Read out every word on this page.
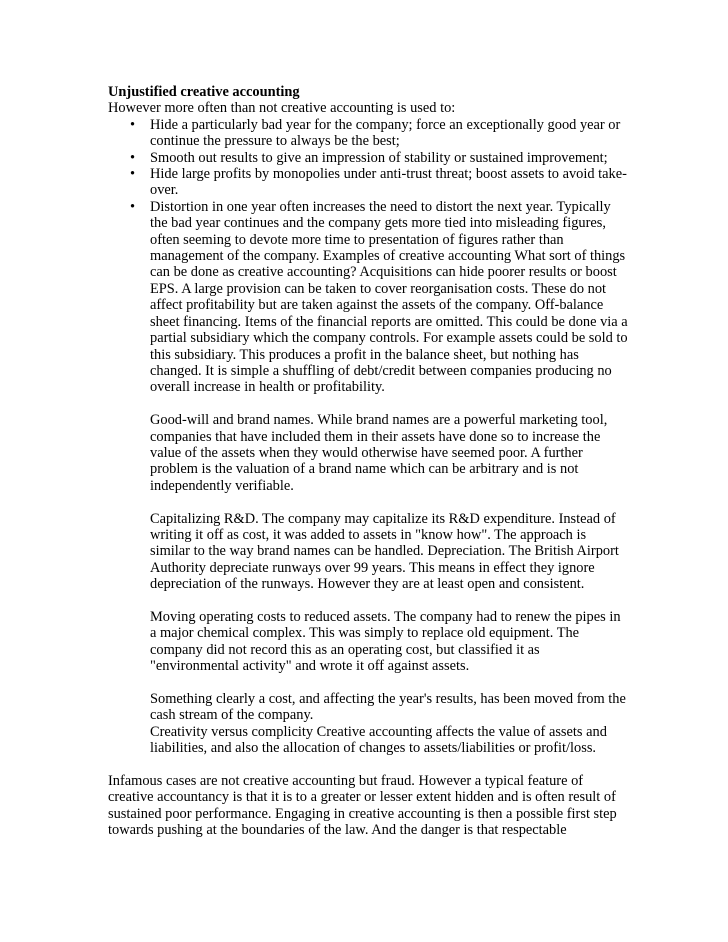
Unjustified creative accounting
However more often than not creative accounting is used to:
• Hide a particularly bad year for the company; force an exceptionally good year or continue the pressure to always be the best;
• Smooth out results to give an impression of stability or sustained improvement;
• Hide large profits by monopolies under anti-trust threat; boost assets to avoid take-over.
• Distortion in one year often increases the need to distort the next year. Typically the bad year continues and the company gets more tied into misleading figures, often seeming to devote more time to presentation of figures rather than management of the company. Examples of creative accounting What sort of things can be done as creative accounting? Acquisitions can hide poorer results or boost EPS. A large provision can be taken to cover reorganisation costs. These do not affect profitability but are taken against the assets of the company. Off-balance sheet financing. Items of the financial reports are omitted. This could be done via a partial subsidiary which the company controls. For example assets could be sold to this subsidiary. This produces a profit in the balance sheet, but nothing has changed. It is simple a shuffling of debt/credit between companies producing no overall increase in health or profitability.
Good-will and brand names. While brand names are a powerful marketing tool, companies that have included them in their assets have done so to increase the value of the assets when they would otherwise have seemed poor. A further problem is the valuation of a brand name which can be arbitrary and is not independently verifiable.
Capitalizing R&D. The company may capitalize its R&D expenditure. Instead of writing it off as cost, it was added to assets in "know how". The approach is similar to the way brand names can be handled. Depreciation. The British Airport Authority depreciate runways over 99 years. This means in effect they ignore depreciation of the runways. However they are at least open and consistent.
Moving operating costs to reduced assets. The company had to renew the pipes in a major chemical complex. This was simply to replace old equipment. The company did not record this as an operating cost, but classified it as "environmental activity" and wrote it off against assets.
Something clearly a cost, and affecting the year's results, has been moved from the cash stream of the company.
Creativity versus complicity Creative accounting affects the value of assets and liabilities, and also the allocation of changes to assets/liabilities or profit/loss.
Infamous cases are not creative accounting but fraud. However a typical feature of creative accountancy is that it is to a greater or lesser extent hidden and is often result of sustained poor performance. Engaging in creative accounting is then a possible first step towards pushing at the boundaries of the law. And the danger is that respectable
